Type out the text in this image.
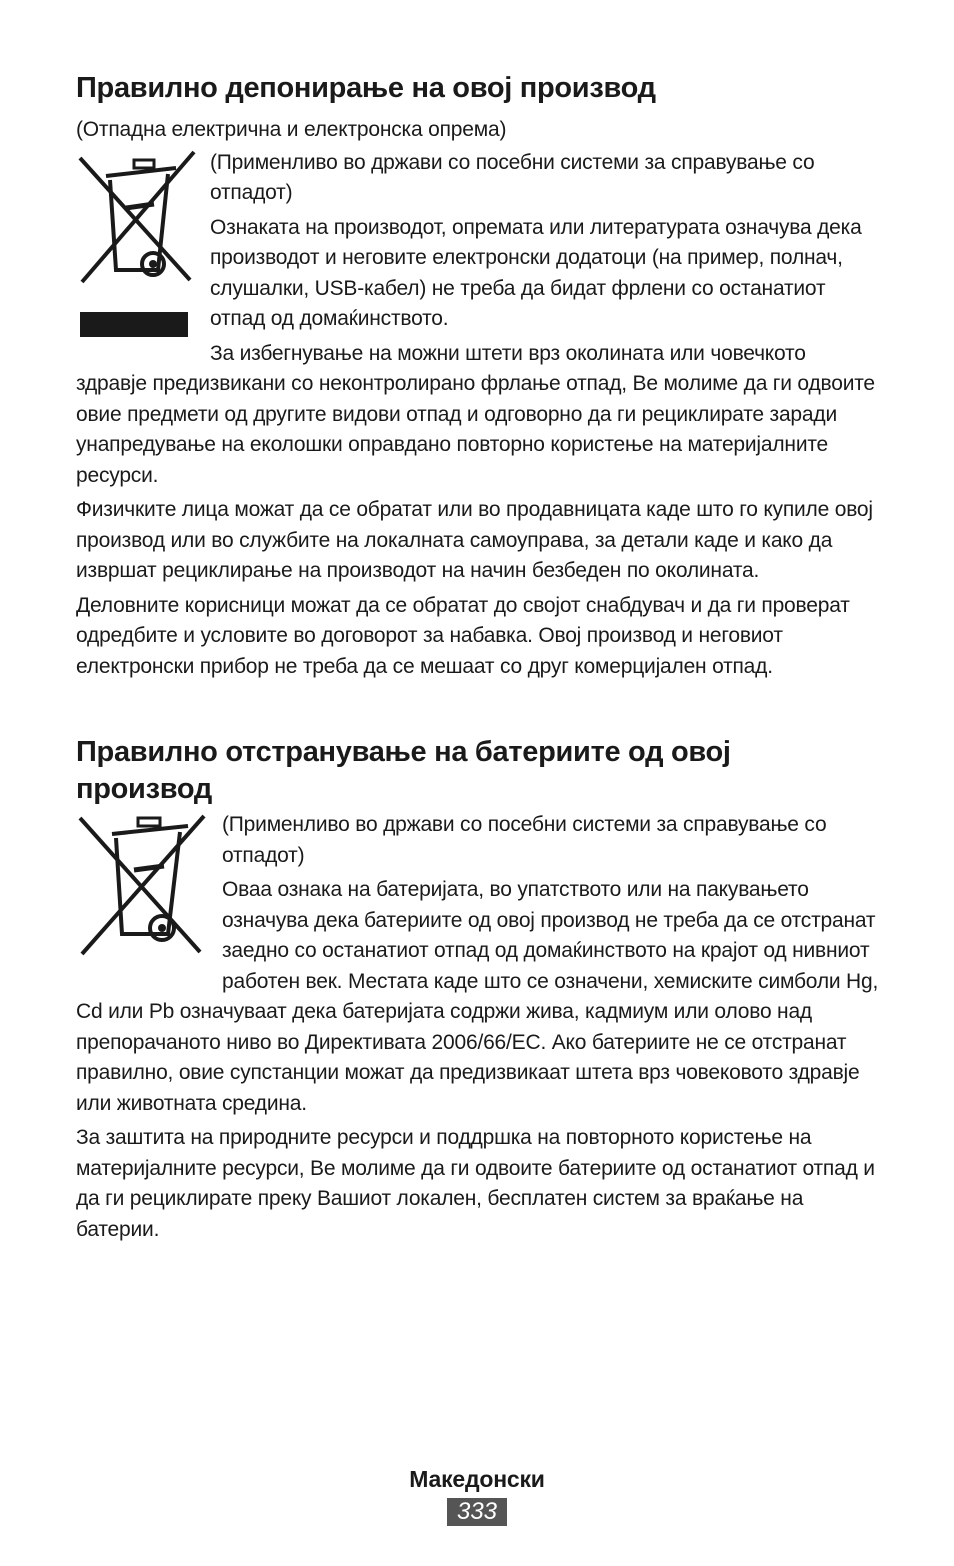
Правилно депонирање на овој производ

(Отпадна електрична и електронска опрема)

(Применливо во држави со посебни системи за справување со отпадот)

Ознаката на производот, опремата или литературата означува дека производот и неговите електронски додатоци (на пример, полнач, слушалки, USB-кабел) не треба да бидат фрлени со останатиот отпад од домаќинството.

За избегнување на можни штети врз околината или човечкото здравје предизвикани со неконтролирано фрлање отпад, Ве молиме да ги одвоите овие предмети од другите видови отпад и одговорно да ги рециклирате заради унапредување на еколошки оправдано повторно користење на материјалните ресурси.

Физичките лица можат да се обратат или во продавницата каде што го купиле овој производ или во службите на локалната самоуправа, за детали каде и како да извршат рециклирање на производот на начин безбеден по околината.

Деловните корисници можат да се обратат до својот снабдувач и да ги проверат одредбите и условите во договорот за набавка. Овој производ и неговиот електронски прибор не треба да се мешаат со друг комерцијален отпад.

Правилно отстранување на батериите од овој производ

(Применливо во држави со посебни системи за справување со отпадот)

Оваа ознака на батеријата, во упатството или на пакувањето означува дека батериите од овој производ не треба да се отстранат заедно со останатиот отпад од домаќинството на крајот од нивниот работен век. Местата каде што се означени, хемиските симболи Hg, Cd или Pb означуваат дека батеријата содржи жива, кадмиум или олово над препорачаното ниво во Директивата 2006/66/EC. Ако батериите не се отстранат правилно, овие супстанции можат да предизвикаат штета врз човековото здравје или животната средина.

За заштита на природните ресурси и поддршка на повторното користење на материјалните ресурси, Ве молиме да ги одвоите батериите од останатиот отпад и да ги рециклирате преку Вашиот локален, бесплатен систем за враќање на батерии.

Македонски

333
